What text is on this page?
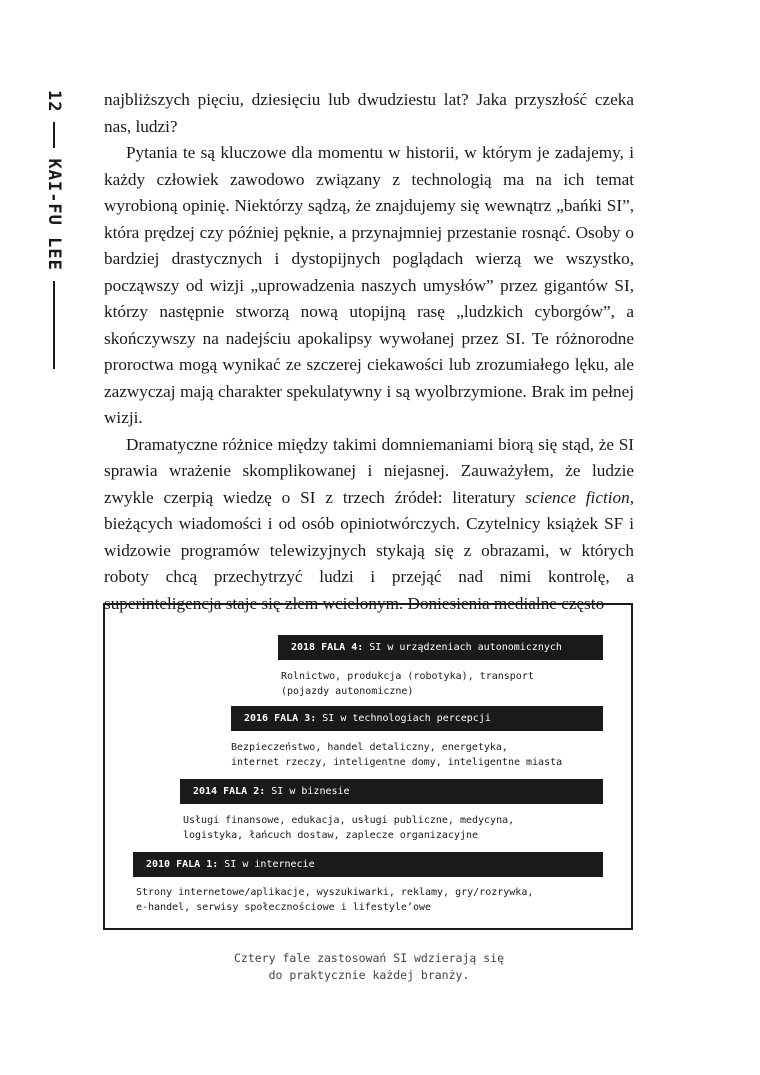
12
KAI-FU LEE

najbliższych pięciu, dziesięciu lub dwudziestu lat? Jaka przyszłość czeka nas, ludzi?

Pytania te są kluczowe dla momentu w historii, w którym je zadajemy, i każdy człowiek zawodowo związany z technologią ma na ich temat wyrobioną opinię. Niektórzy sądzą, że znajdujemy się wewnątrz „bańki SI”, która prędzej czy później pęknie, a przynajmniej przestanie rosnąć. Osoby o bardziej drastycznych i dystopijnych poglądach wierzą we wszystko, począwszy od wizji „uprowadzenia naszych umysłów” przez gigantów SI, którzy następnie stworzą nową utopijną rasę „ludzkich cyborgów”, a skończywszy na nadejściu apokalipsy wywołanej przez SI. Te różnorodne proroctwa mogą wynikać ze szczerej ciekawości lub zrozumiałego lęku, ale zazwyczaj mają charakter spekulatywny i są wyolbrzymione. Brak im pełnej wizji.

Dramatyczne różnice między takimi domniemaniami biorą się stąd, że SI sprawia wrażenie skomplikowanej i niejasnej. Zauważyłem, że ludzie zwykle czerpią wiedzę o SI z trzech źródeł: literatury science fiction, bieżących wiadomości i od osób opiniotwórczych. Czytelnicy książek SF i widzowie programów telewizyjnych stykają się z obrazami, w których roboty chcą przechytrzyć ludzi i przejąć nad nimi kontrolę, a superinteligencja staje się złem wcielonym. Doniesienia medialne często

2018 FALA 4: SI w urządzeniach autonomicznych
Rolnictwo, produkcja (robotyka), transport
(pojazdy autonomiczne)
2016 FALA 3: SI w technologiach percepcji
Bezpieczeństwo, handel detaliczny, energetyka,
internet rzeczy, inteligentne domy, inteligentne miasta
2014 FALA 2: SI w biznesie
Usługi finansowe, edukacja, usługi publiczne, medycyna,
logistyka, łańcuch dostaw, zaplecze organizacyjne
2010 FALA 1: SI w internecie
Strony internetowe/aplikacje, wyszukiwarki, reklamy, gry/rozrywka,
e-handel, serwisy społecznościowe i lifestyle’owe
Cztery fale zastosowań SI wdzierają się
do praktycznie każdej branży.
